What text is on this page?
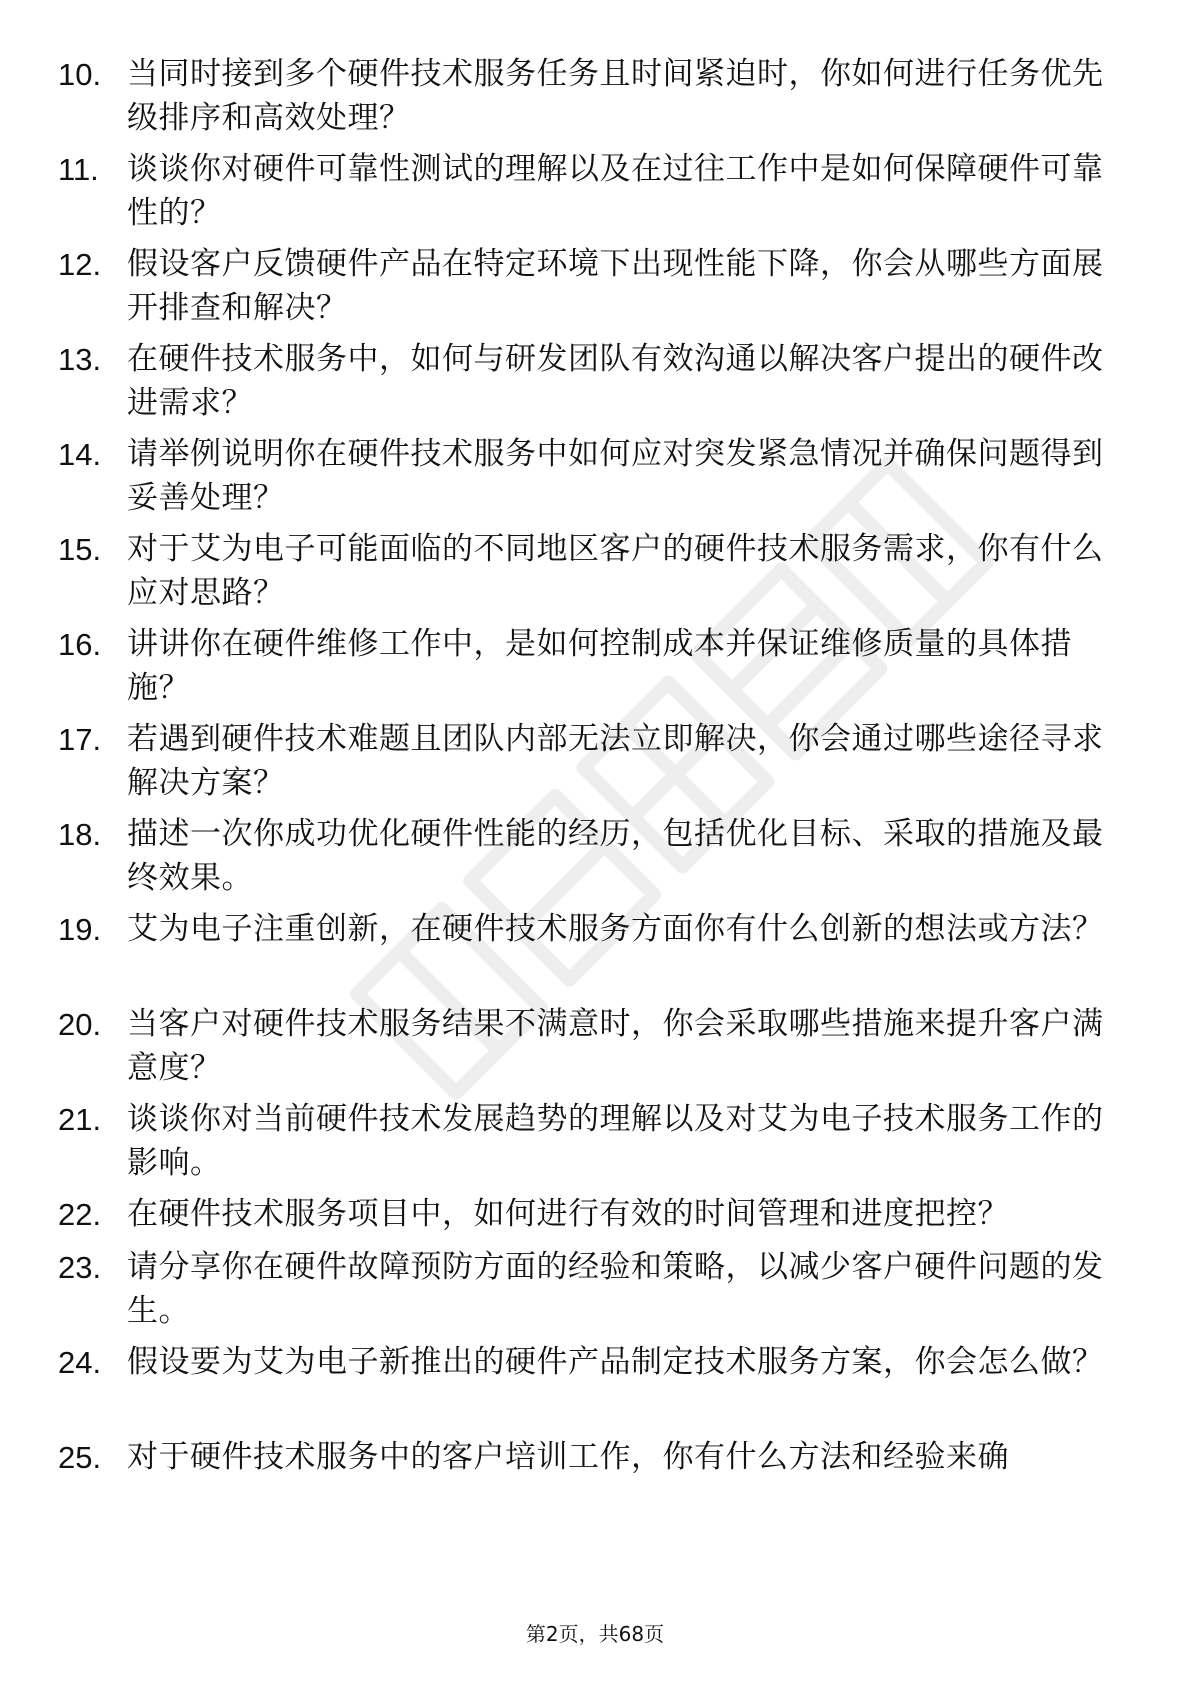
10. 当同时接到多个硬件技术服务任务且时间紧迫时，你如何进行任务优先级排序和高效处理？
11. 谈谈你对硬件可靠性测试的理解以及在过往工作中是如何保障硬件可靠性的？
12. 假设客户反馈硬件产品在特定环境下出现性能下降，你会从哪些方面展开排查和解决？
13. 在硬件技术服务中，如何与研发团队有效沟通以解决客户提出的硬件改进需求？
14. 请举例说明你在硬件技术服务中如何应对突发紧急情况并确保问题得到妥善处理？
15. 对于艾为电子可能面临的不同地区客户的硬件技术服务需求，你有什么应对思路？
16. 讲讲你在硬件维修工作中，是如何控制成本并保证维修质量的具体措施？
17. 若遇到硬件技术难题且团队内部无法立即解决，你会通过哪些途径寻求解决方案？
18. 描述一次你成功优化硬件性能的经历，包括优化目标、采取的措施及最终效果。
19. 艾为电子注重创新，在硬件技术服务方面你有什么创新的想法或方法？
20. 当客户对硬件技术服务结果不满意时，你会采取哪些措施来提升客户满意度？
21. 谈谈你对当前硬件技术发展趋势的理解以及对艾为电子技术服务工作的影响。
22. 在硬件技术服务项目中，如何进行有效的时间管理和进度把控？
23. 请分享你在硬件故障预防方面的经验和策略，以减少客户硬件问题的发生。
24. 假设要为艾为电子新推出的硬件产品制定技术服务方案，你会怎么做？
25. 对于硬件技术服务中的客户培训工作，你有什么方法和经验来确
第2页，共68页
